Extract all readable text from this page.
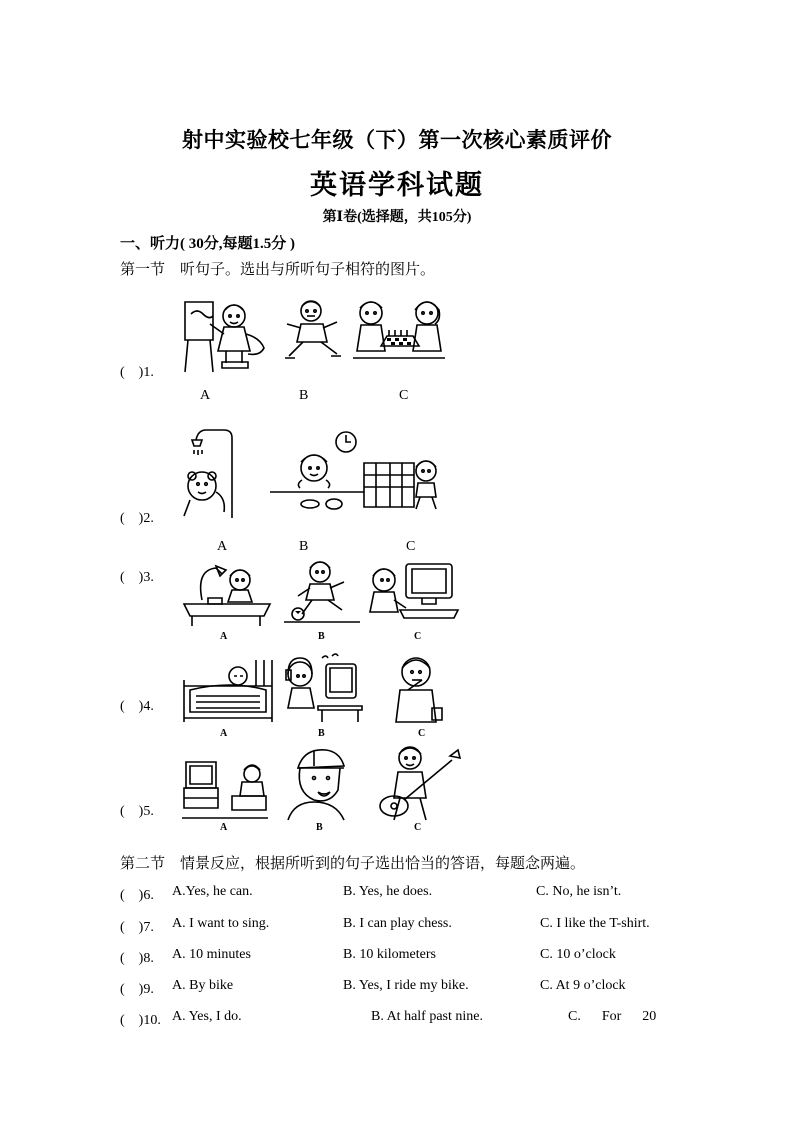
射中实验校七年级（下）第一次核心素质评价
英语学科试题
第Ⅰ卷(选择题，共105分)
一、听力( 30分,每题1.5分 )
第一节　听句子。选出与所听句子相符的图片。
(　)1.
A	B	C
(　)2.
A	B	C
(　)3.
A	B	C
(　)4.
A	B	C
(　)5.
A	B	C
第二节　情景反应，根据所听到的句子选出恰当的答语，每题念两遍。
(　)6. A.Yes, he can.	B. Yes, he does.	C. No, he isn’t.
(　)7. A. I want to sing.	B. I can play chess.	C. I like the T-shirt.
(　)8. A. 10 minutes	B. 10 kilometers	C. 10 o’clock
(　)9. A. By bike	B. Yes, I ride my bike.	C. At 9 o’clock
(　)10. A. Yes, I do.	B. At half past nine.	C.      For      20
